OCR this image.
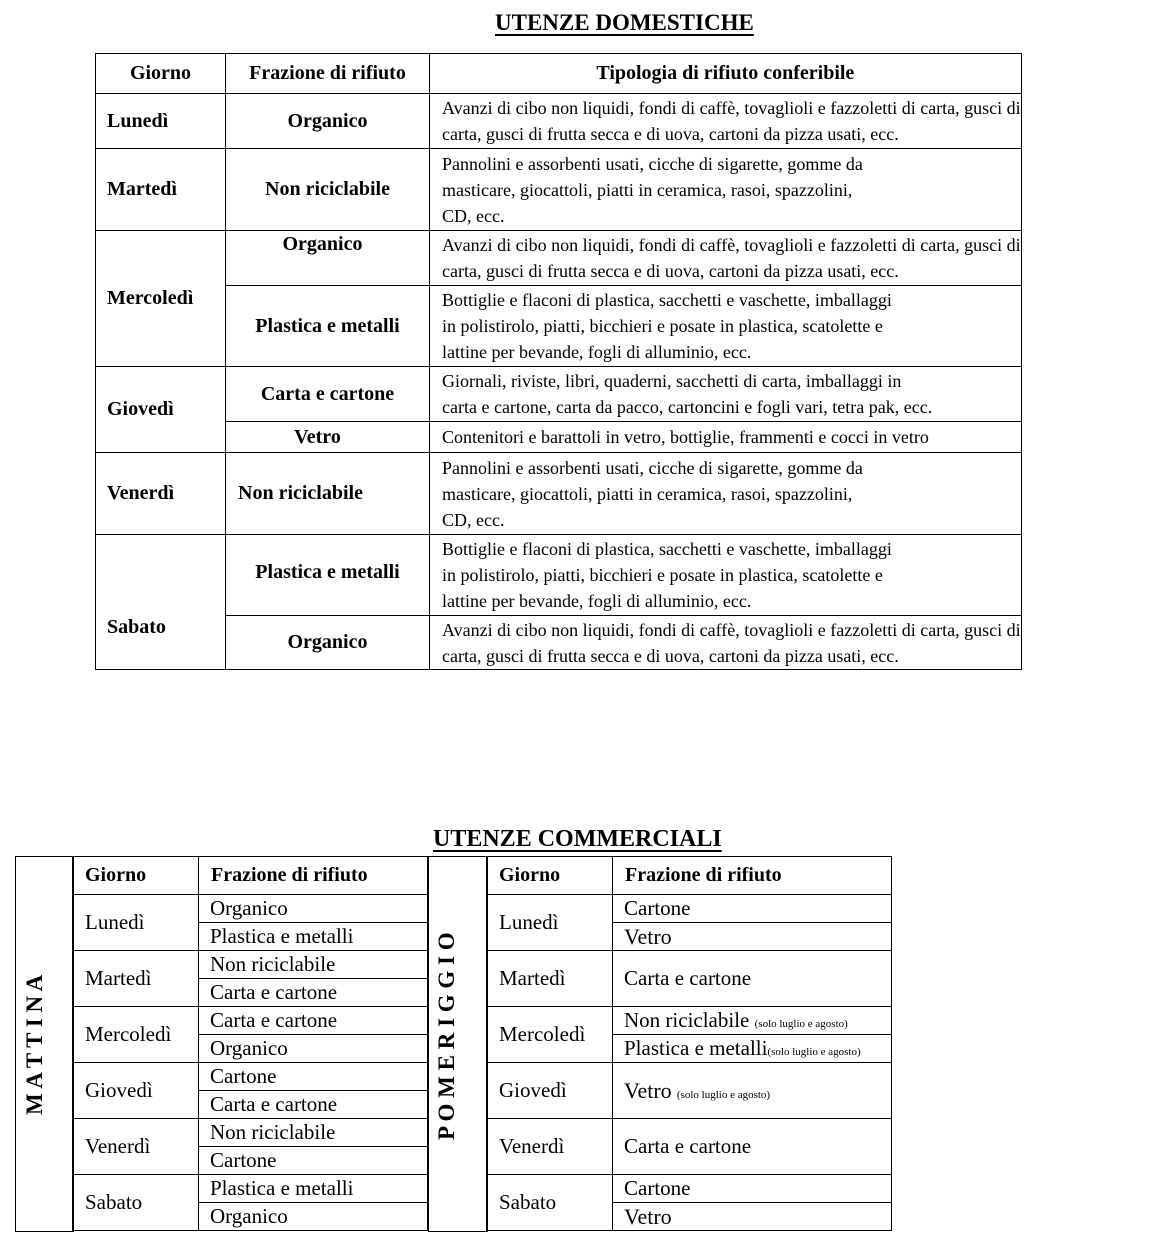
UTENZE DOMESTICHE
Giorno	Frazione di rifiuto	Tipologia di rifiuto conferibile
Lunedì	Organico	Avanzi di cibo non liquidi, fondi di caffè, tovaglioli e fazzoletti di carta, gusci di
carta, gusci di frutta secca e di uova, cartoni da pizza usati, ecc.

Martedì	Non riciclabile	Pannolini e assorbenti usati, cicche di sigarette, gomme da
masticare, giocattoli, piatti in ceramica, rasoi, spazzolini,
CD, ecc.

Mercoledì	Organico	Avanzi di cibo non liquidi, fondi di caffè, tovaglioli e fazzoletti di carta, gusci di
carta, gusci di frutta secca e di uova, cartoni da pizza usati, ecc.

	Plastica e metalli	Bottiglie e flaconi di plastica, sacchetti e vaschette, imballaggi
in polistirolo, piatti, bicchieri e posate in plastica, scatolette e
lattine per bevande, fogli di alluminio, ecc.

Giovedì	Carta e cartone	Giornali, riviste, libri, quaderni, sacchetti di carta, imballaggi in
carta e cartone, carta da pacco, cartoncini e fogli vari, tetra pak, ecc.

	Vetro	Contenitori e barattoli in vetro, bottiglie, frammenti e cocci in vetro

Venerdì	Non riciclabile	Pannolini e assorbenti usati, cicche di sigarette, gomme da
masticare, giocattoli, piatti in ceramica, rasoi, spazzolini,
CD, ecc.

Sabato	Plastica e metalli	Bottiglie e flaconi di plastica, sacchetti e vaschette, imballaggi
in polistirolo, piatti, bicchieri e posate in plastica, scatolette e
lattine per bevande, fogli di alluminio, ecc.

	Organico	Avanzi di cibo non liquidi, fondi di caffè, tovaglioli e fazzoletti di carta, gusci di
carta, gusci di frutta secca e di uova, cartoni da pizza usati, ecc.
UTENZE COMMERCIALI
M A T T I N A
Giorno	Frazione di rifiuto
Lunedì	Organico
	Plastica e metalli
Martedì	Non riciclabile
	Carta e cartone
Mercoledì	Carta e cartone
	Organico
Giovedì	Cartone
	Carta e cartone
Venerdì	Non riciclabile
	Cartone
Sabato	Plastica e metalli
	Organico
P O M E R I G G I O
Giorno	Frazione di rifiuto
Lunedì	Cartone
	Vetro
Martedì	Carta e cartone
Mercoledì	Non riciclabile (solo luglio e agosto)
	Plastica e metalli(solo luglio e agosto)
Giovedì	Vetro (solo luglio e agosto)
Venerdì	Carta e cartone
Sabato	Cartone
	Vetro
